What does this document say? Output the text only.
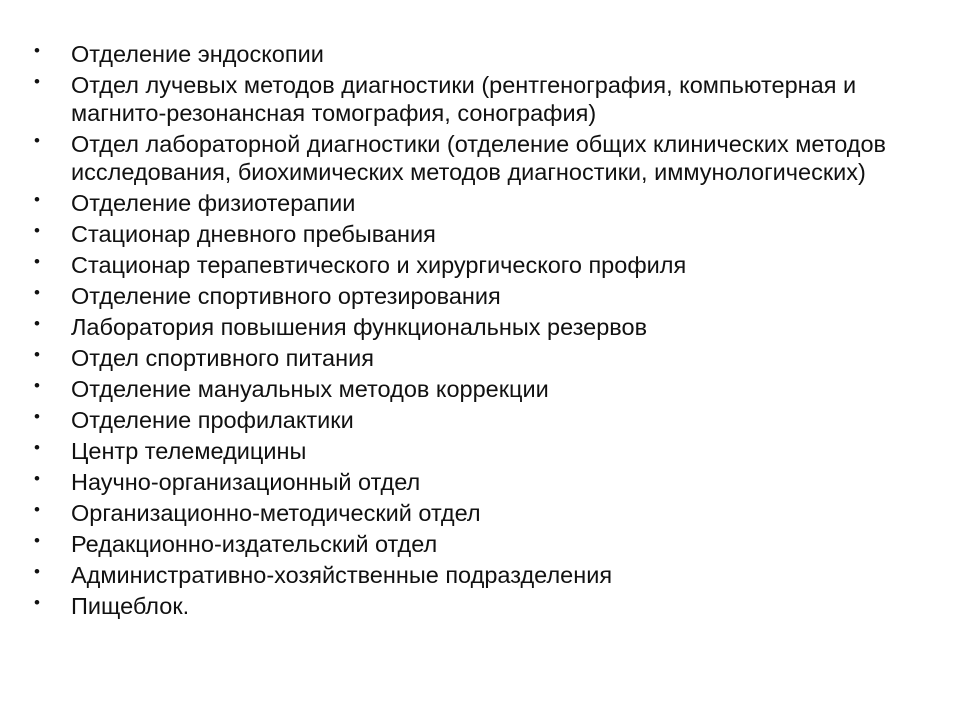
• Отделение эндоскопии
• Отдел лучевых методов диагностики (рентгенография, компьютерная и магнито-резонансная томография, сонография)
• Отдел лабораторной диагностики (отделение общих клинических методов исследования, биохимических методов диагностики, иммунологических)
• Отделение физиотерапии
• Стационар дневного пребывания
• Стационар терапевтического и хирургического профиля
• Отделение спортивного ортезирования
• Лаборатория повышения функциональных резервов
• Отдел спортивного питания
• Отделение мануальных методов коррекции
• Отделение профилактики
• Центр телемедицины
• Научно-организационный отдел
• Организационно-методический отдел
• Редакционно-издательский отдел
• Административно-хозяйственные подразделения
• Пищеблок.
